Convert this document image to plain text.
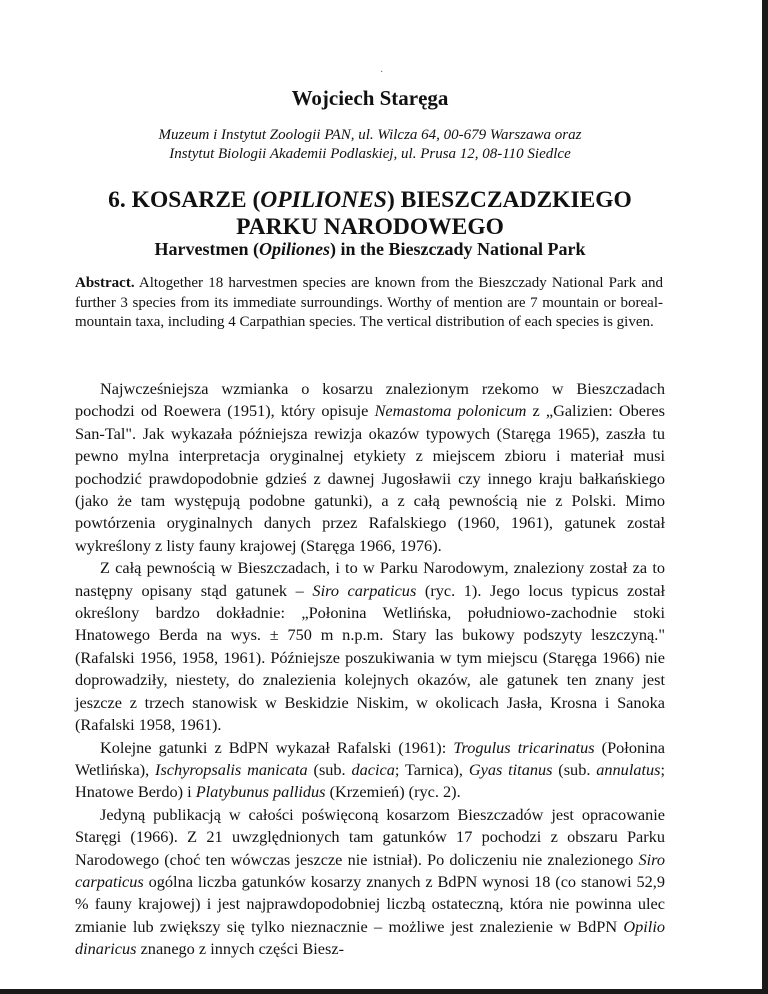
·
Wojciech Staręga
Muzeum i Instytut Zoologii PAN, ul. Wilcza 64, 00-679 Warszawa oraz
Instytut Biologii Akademii Podlaskiej, ul. Prusa 12, 08-110 Siedlce
6. KOSARZE (OPILIONES) BIESZCZADZKIEGO
PARKU NARODOWEGO
Harvestmen (Opiliones) in the Bieszczady National Park
Abstract. Altogether 18 harvestmen species are known from the Bieszczady National Park and further 3 species from its immediate surroundings. Worthy of mention are 7 mountain or boreal-mountain taxa, including 4 Carpathian species. The vertical distribution of each species is given.

Najwcześniejsza wzmianka o kosarzu znalezionym rzekomo w Bieszczadach pochodzi od Roewera (1951), który opisuje Nemastoma polonicum z „Galizien: Oberes San-Tal". Jak wykazała późniejsza rewizja okazów typowych (Staręga 1965), zaszła tu pewno mylna interpretacja oryginalnej etykiety z miejscem zbioru i materiał musi pochodzić prawdopodobnie gdzieś z dawnej Jugosławii czy innego kraju bałkańskiego (jako że tam występują podobne gatunki), a z całą pewnością nie z Polski. Mimo powtórzenia oryginalnych danych przez Rafalskiego (1960, 1961), gatunek został wykreślony z listy fauny krajowej (Staręga 1966, 1976).

Z całą pewnością w Bieszczadach, i to w Parku Narodowym, znaleziony został za to następny opisany stąd gatunek – Siro carpaticus (ryc. 1). Jego locus typicus został określony bardzo dokładnie: „Połonina Wetlińska, południowo-zachodnie stoki Hnatowego Berda na wys. ± 750 m n.p.m. Stary las bukowy podszyty leszczyną." (Rafalski 1956, 1958, 1961). Późniejsze poszukiwania w tym miejscu (Staręga 1966) nie doprowadziły, niestety, do znalezienia kolejnych okazów, ale gatunek ten znany jest jeszcze z trzech stanowisk w Beskidzie Niskim, w okolicach Jasła, Krosna i Sanoka (Rafalski 1958, 1961).

Kolejne gatunki z BdPN wykazał Rafalski (1961): Trogulus tricarinatus (Połonina Wetlińska), Ischyropsalis manicata (sub. dacica; Tarnica), Gyas titanus (sub. annulatus; Hnatowe Berdo) i Platybunus pallidus (Krzemień) (ryc. 2).

Jedyną publikacją w całości poświęconą kosarzom Bieszczadów jest opracowanie Staręgi (1966). Z 21 uwzględnionych tam gatunków 17 pochodzi z obszaru Parku Narodowego (choć ten wówczas jeszcze nie istniał). Po doliczeniu nie znalezionego Siro carpaticus ogólna liczba gatunków kosarzy znanych z BdPN wynosi 18 (co stanowi 52,9 % fauny krajowej) i jest najprawdopodobniej liczbą ostateczną, która nie powinna ulec zmianie lub zwiększy się tylko nieznacznie – możliwe jest znalezienie w BdPN Opilio dinaricus znanego z innych części Biesz-
